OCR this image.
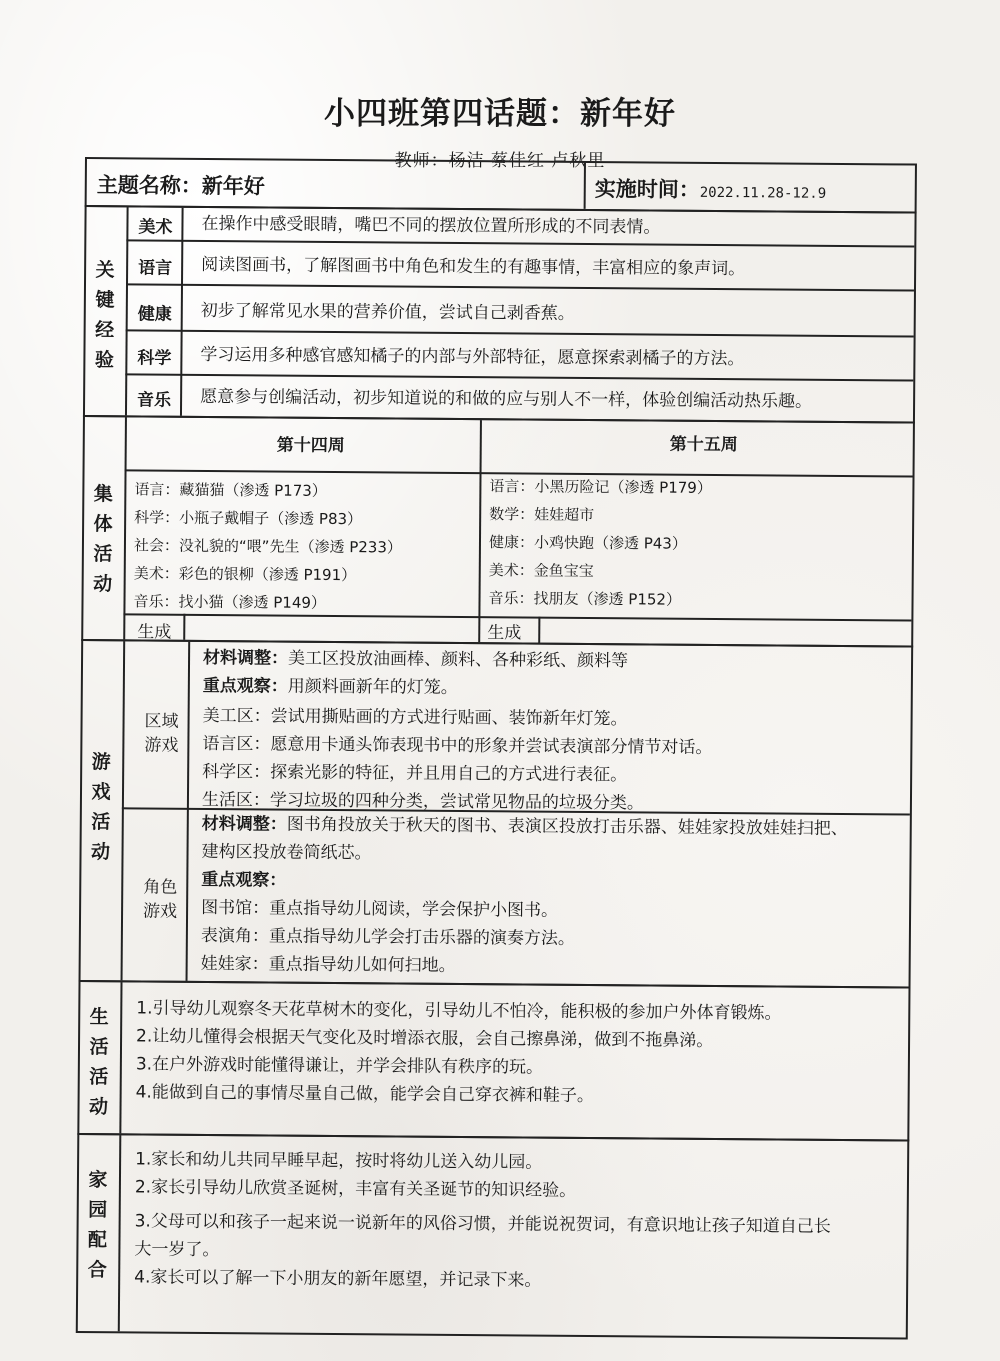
小四班第四话题：新年好
教师：杨洁 蔡佳红 卢秋里
主题名称：新年好	实施时间：2022.11.28-12.9
关
键
经
验
美术 在操作中感受眼睛，嘴巴不同的摆放位置所形成的不同表情。
语言 阅读图画书，了解图画书中角色和发生的有趣事情，丰富相应的象声词。
健康 初步了解常见水果的营养价值，尝试自己剥香蕉。
科学 学习运用多种感官感知橘子的内部与外部特征，愿意探索剥橘子的方法。
音乐 愿意参与创编活动，初步知道说的和做的应与别人不一样，体验创编活动热乐趣。
集
体
活
动
第十四周	第十五周
语言：藏猫猫（渗透 P173）
科学：小瓶子戴帽子（渗透 P83）
社会：没礼貌的“喂”先生（渗透 P233）
美术：彩色的银柳（渗透 P191）
音乐：找小猫（渗透 P149）
语言：小黑历险记（渗透 P179）
数学：娃娃超市
健康：小鸡快跑（渗透 P43）
美术：金鱼宝宝
音乐：找朋友（渗透 P152）
生成	生成
游
戏
活
动
区域 游戏
材料调整：美工区投放油画棒、颜料、各种彩纸、颜料等
重点观察：用颜料画新年的灯笼。
美工区：尝试用撕贴画的方式进行贴画、装饰新年灯笼。
语言区：愿意用卡通头饰表现书中的形象并尝试表演部分情节对话。
科学区：探索光影的特征，并且用自己的方式进行表征。
生活区：学习垃圾的四种分类，尝试常见物品的垃圾分类。
角色 游戏
材料调整：图书角投放关于秋天的图书、表演区投放打击乐器、娃娃家投放娃娃扫把、
建构区投放卷筒纸芯。
重点观察：
图书馆：重点指导幼儿阅读，学会保护小图书。
表演角：重点指导幼儿学会打击乐器的演奏方法。
娃娃家：重点指导幼儿如何扫地。
生
活
活
动
1.引导幼儿观察冬天花草树木的变化，引导幼儿不怕冷，能积极的参加户外体育锻炼。
2.让幼儿懂得会根据天气变化及时增添衣服，会自己擦鼻涕，做到不拖鼻涕。
3.在户外游戏时能懂得谦让，并学会排队有秩序的玩。
4.能做到自己的事情尽量自己做，能学会自己穿衣裤和鞋子。
家
园
配
合
1.家长和幼儿共同早睡早起，按时将幼儿送入幼儿园。
2.家长引导幼儿欣赏圣诞树，丰富有关圣诞节的知识经验。
3.父母可以和孩子一起来说一说新年的风俗习惯，并能说祝贺词，有意识地让孩子知道自己长
大一岁了。
4.家长可以了解一下小朋友的新年愿望，并记录下来。
